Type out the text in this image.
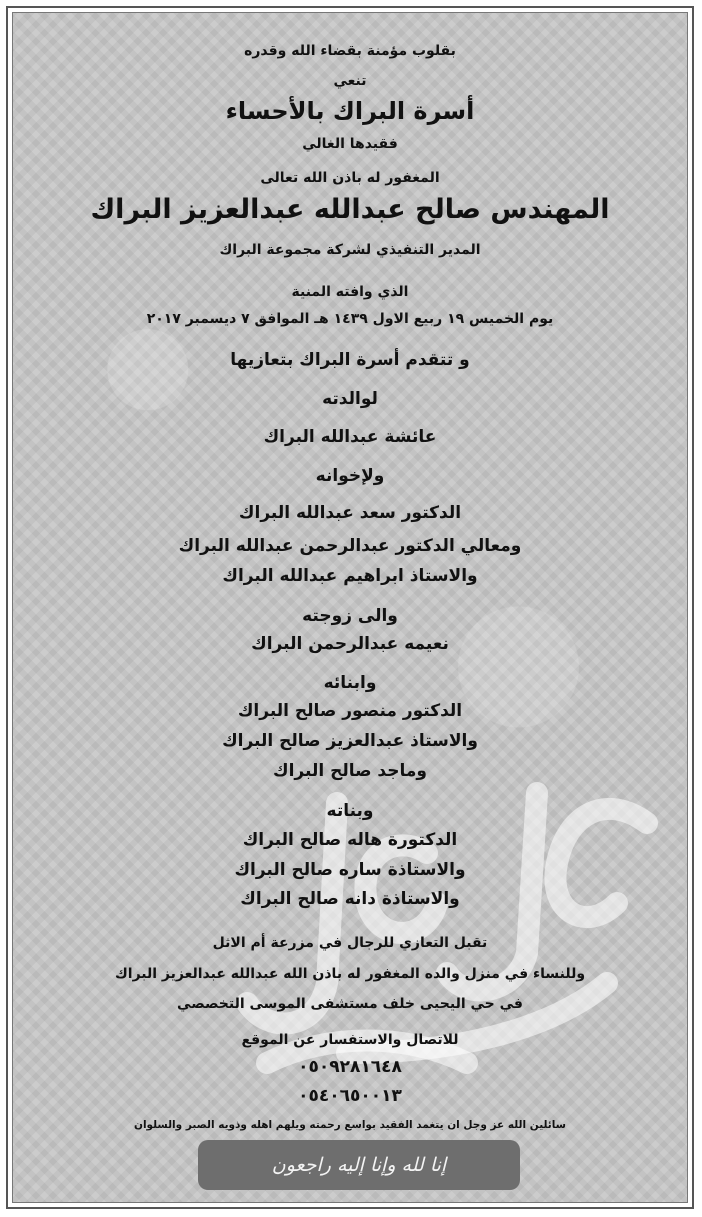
بقلوب مؤمنة بقضاء الله وقدره
تنعي
أسرة البراك بالأحساء
فقيدها الغالي
المغفور له باذن الله تعالى
المهندس صالح عبدالله عبدالعزيز البراك
المدير التنفيذي لشركة مجموعة البراك
الذي وافته المنية
يوم الخميس ١٩ ربيع الاول ١٤٣٩ هـ الموافق ٧ ديسمبر ٢٠١٧
و تتقدم أسرة البراك بتعازيها
لوالدته
عائشة عبدالله البراك
ولإخوانه
الدكتور سعد عبدالله البراك
ومعالي الدكتور عبدالرحمن عبدالله البراك
والاستاذ ابراهيم عبدالله البراك
والى زوجته
نعيمه عبدالرحمن البراك
وابنائه
الدكتور منصور صالح البراك
والاستاذ عبدالعزيز صالح البراك
وماجد صالح البراك
وبناته
الدكتورة هاله صالح البراك
والاستاذة ساره صالح البراك
والاستاذة دانه صالح البراك
تقبل التعازي للرجال في مزرعة أم الاثل
وللنساء في منزل والده المغفور له باذن الله عبدالله عبدالعزيز البراك
في حي اليحيى خلف مستشفى الموسى التخصصي
للاتصال والاستفسار عن الموقع
٠٥٠٩٢٨١٦٤٨
٠٥٤٠٦٥٠٠١٣
سائلين الله عز وجل ان يتغمد الفقيد بواسع رحمته ويلهم اهله وذويه الصبر والسلوان
إنا لله وإنا إليه راجعون
